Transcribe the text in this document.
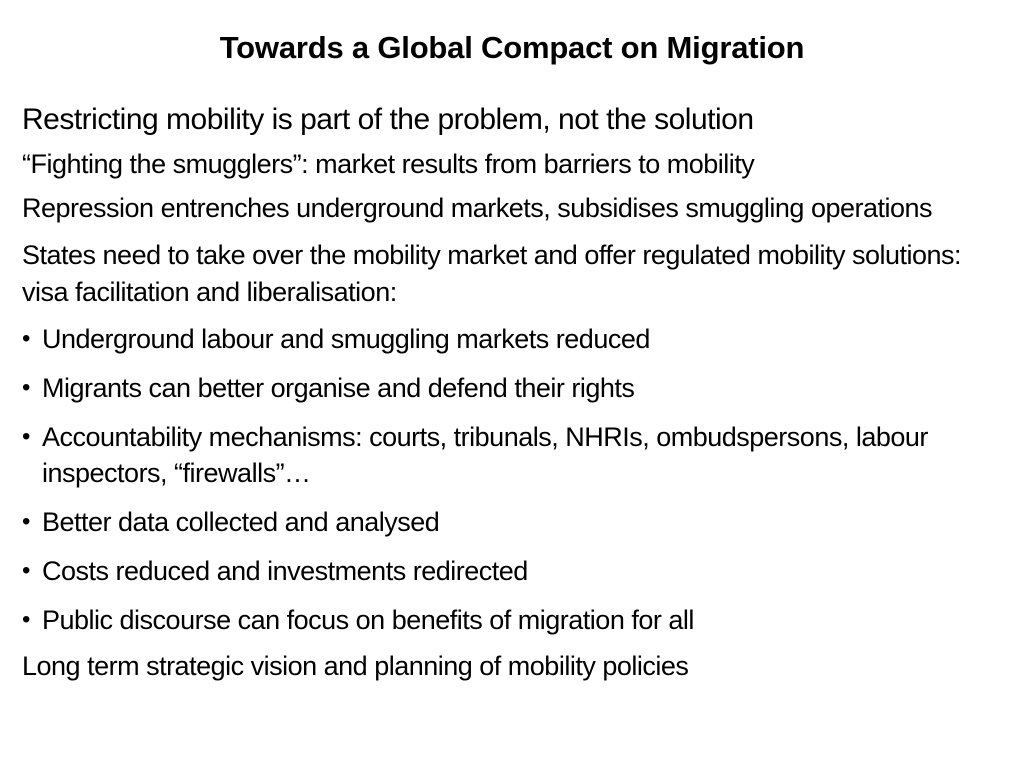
Towards a Global Compact on Migration

Restricting mobility is part of the problem, not the solution

“Fighting the smugglers”: market results from barriers to mobility

Repression entrenches underground markets, subsidises smuggling operations

States need to take over the mobility market and offer regulated mobility solutions: visa facilitation and liberalisation:

• Underground labour and smuggling markets reduced
• Migrants can better organise and defend their rights
• Accountability mechanisms: courts, tribunals, NHRIs, ombudspersons, labour inspectors, “firewalls”…
• Better data collected and analysed
• Costs reduced and investments redirected
• Public discourse can focus on benefits of migration for all

Long term strategic vision and planning of mobility policies
